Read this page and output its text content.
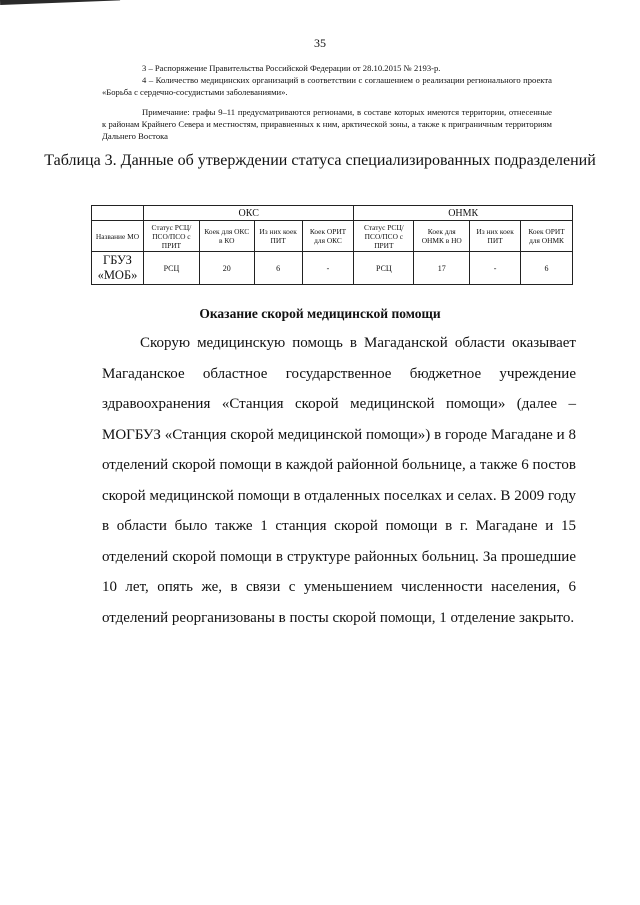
35

3 – Распоряжение Правительства Российской Федерации от 28.10.2015 № 2193-р.

4 – Количество медицинских организаций в соответствии с соглашением о реализации регионального проекта «Борьба с сердечно-сосудистыми заболеваниями».

Примечание: графы 9–11 предусматриваются регионами, в составе которых имеются территории, отнесенные к районам Крайнего Севера и местностям, приравненных к ним, арктической зоны, а также к приграничным территориям Дальнего Востока

Таблица 3. Данные об утверждении статуса специализированных подразделений
	ОКС				ОНМК			
Название МО	Статус РСЦ/ПСО/ПСО с ПРИТ	Коек для ОКС в КО	Из них коек ПИТ	Коек ОРИТ для ОКС	Статус РСЦ/ПСО/ПСО с ПРИТ	Коек для ОНМК в НО	Из них коек ПИТ	Коек ОРИТ для ОНМК
ГБУЗ «МОБ»	РСЦ	20	6	-	РСЦ	17	-	6
Оказание скорой медицинской помощи

Скорую медицинскую помощь в Магаданской области оказывает Магаданское областное государственное бюджетное учреждение здравоохранения «Станция скорой медицинской помощи» (далее – МОГБУЗ «Станция скорой медицинской помощи») в городе Магадане и 8 отделений скорой помощи в каждой районной больнице, а также 6 постов скорой медицинской помощи в отдаленных поселках и селах. В 2009 году в области было также 1 станция скорой помощи в г. Магадане и 15 отделений скорой помощи в структуре районных больниц. За прошедшие 10 лет, опять же, в связи с уменьшением численности населения, 6 отделений реорганизованы в посты скорой помощи, 1 отделение закрыто.
